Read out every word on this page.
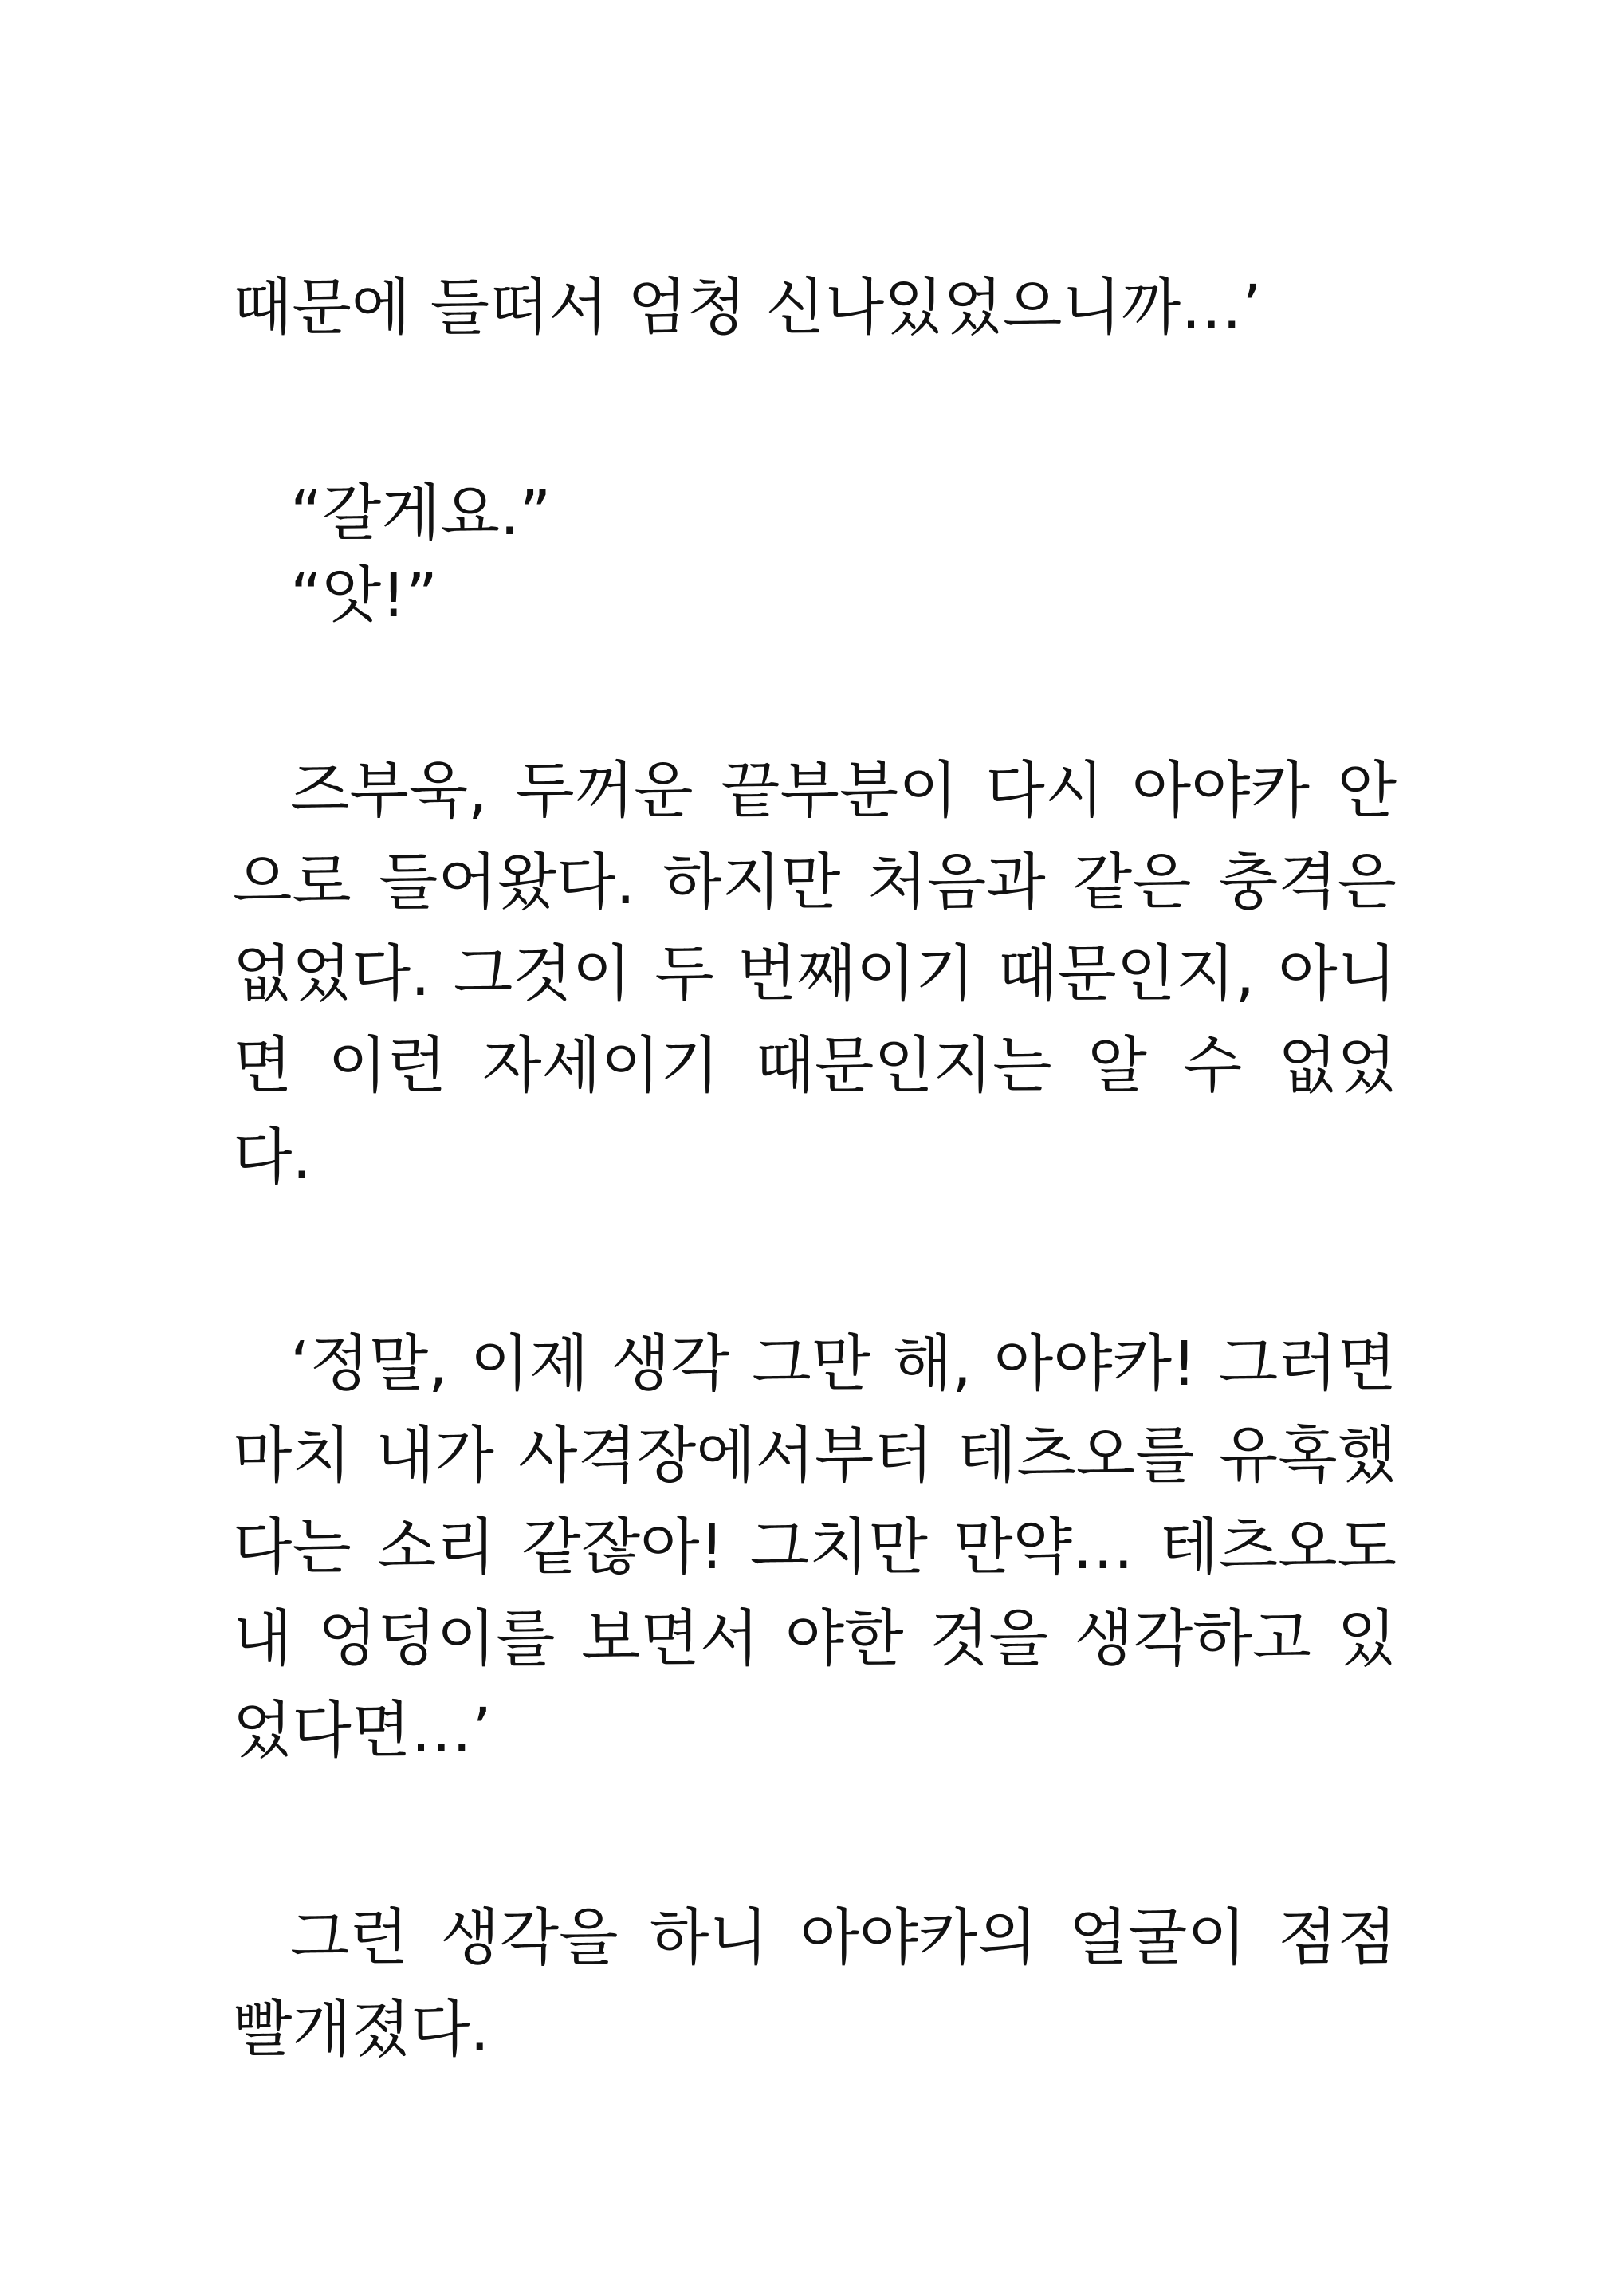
때문에 들떠서 엄청 신나있었으니까…’
“갈게요.”
“앗!”
즈부욱, 두꺼운 끝부분이 다시 아야카 안
으로 들어왔다. 하지만 처음과 같은 충격은
없었다. 그것이 두 번째이기 때문인지, 아니
면 이런 자세이기 때문인지는 알 수 없었
다.
‘정말, 이제 생각 그만 해, 아야카! 그러면
마치 내가 사격장에서부터 테츠오를 유혹했
다는 소리 같잖아! 그치만 만약… 테츠오도
내 엉덩이를 보면서 야한 것을 생각하고 있
었다면…’
그런 생각을 하니 아야카의 얼굴이 점점
빨개졌다.
